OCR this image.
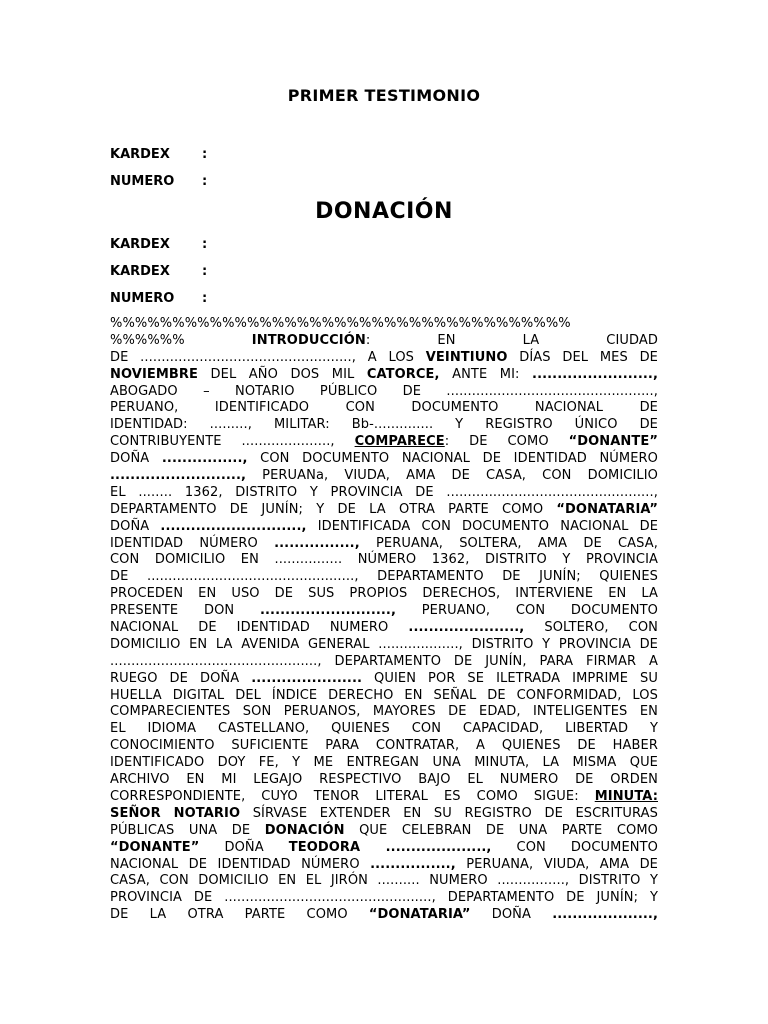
PRIMER TESTIMONIO
KARDEX :
NUMERO :
DONACIÓN
KARDEX :
KARDEX :
NUMERO :
%%%%%%%%%%%%%%%%%%%%%%%%%%%%%%%%%%%%%
%%%%%%	INTRODUCCIÓN: EN LA CIUDAD
DE .................................................., A LOS VEINTIUNO DÍAS DEL MES DE
NOVIEMBRE DEL AÑO DOS MIL CATORCE, ANTE MI: ........................,
ABOGADO – NOTARIO PÚBLICO DE .................................................,
PERUANO, IDENTIFICADO CON DOCUMENTO NACIONAL DE
IDENTIDAD: ........., MILITAR: Bb-.............. Y REGISTRO ÚNICO DE
CONTRIBUYENTE ....................., COMPARECE: DE COMO “DONANTE”
DOÑA ................, CON DOCUMENTO NACIONAL DE IDENTIDAD NÚMERO
.........................., PERUANa, VIUDA, AMA DE CASA, CON DOMICILIO
EL ........ 1362, DISTRITO Y PROVINCIA DE .................................................,
DEPARTAMENTO DE JUNÍN; Y DE LA OTRA PARTE COMO “DONATARIA”
DOÑA ............................, IDENTIFICADA CON DOCUMENTO NACIONAL DE
IDENTIDAD NÚMERO ................, PERUANA, SOLTERA, AMA DE CASA,
CON DOMICILIO EN ................ NÚMERO 1362, DISTRITO Y PROVINCIA
DE ................................................., DEPARTAMENTO DE JUNÍN; QUIENES
PROCEDEN EN USO DE SUS PROPIOS DERECHOS, INTERVIENE EN LA
PRESENTE DON .........................., PERUANO, CON DOCUMENTO
NACIONAL DE IDENTIDAD NUMERO ......................, SOLTERO, CON
DOMICILIO EN LA AVENIDA GENERAL ..................., DISTRITO Y PROVINCIA DE
................................................., DEPARTAMENTO DE JUNÍN, PARA FIRMAR A
RUEGO DE DOÑA ...................... QUIEN POR SE ILETRADA IMPRIME SU
HUELLA DIGITAL DEL ÍNDICE DERECHO EN SEÑAL DE CONFORMIDAD, LOS
COMPARECIENTES SON PERUANOS, MAYORES DE EDAD, INTELIGENTES EN
EL IDIOMA CASTELLANO, QUIENES CON CAPACIDAD, LIBERTAD Y
CONOCIMIENTO SUFICIENTE PARA CONTRATAR, A QUIENES DE HABER
IDENTIFICADO DOY FE, Y ME ENTREGAN UNA MINUTA, LA MISMA QUE
ARCHIVO EN MI LEGAJO RESPECTIVO BAJO EL NUMERO DE ORDEN
CORRESPONDIENTE, CUYO TENOR LITERAL ES COMO SIGUE: MINUTA:
SEÑOR NOTARIO SÍRVASE EXTENDER EN SU REGISTRO DE ESCRITURAS
PÚBLICAS UNA DE DONACIÓN QUE CELEBRAN DE UNA PARTE COMO
“DONANTE” DOÑA TEODORA ...................., CON DOCUMENTO
NACIONAL DE IDENTIDAD NÚMERO ................, PERUANA, VIUDA, AMA DE
CASA, CON DOMICILIO EN EL JIRÓN .......... NUMERO ................, DISTRITO Y
PROVINCIA DE ................................................., DEPARTAMENTO DE JUNÍN; Y
DE LA OTRA PARTE COMO “DONATARIA” DOÑA ....................,
